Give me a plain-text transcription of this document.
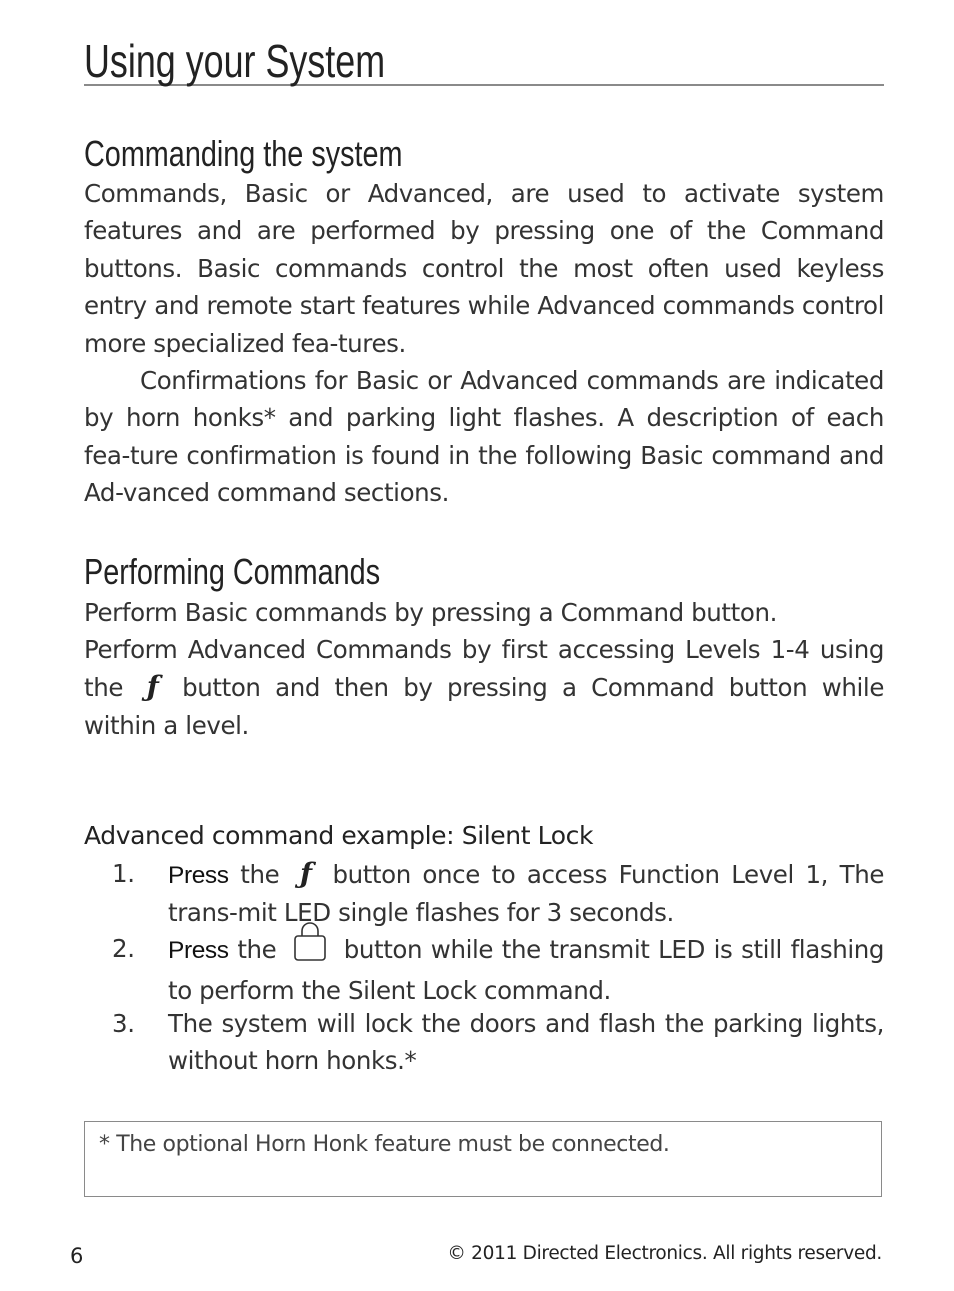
Using your System
Commanding the system
Commands, Basic or Advanced, are used to activate system features and are performed by pressing one of the Command buttons. Basic commands control the most often used keyless entry and remote start features while Advanced commands control more specialized fea-tures.
Confirmations for Basic or Advanced commands are indicated by horn honks* and parking light flashes. A description of each fea-ture confirmation is found in the following Basic command and Ad-vanced command sections.
Performing Commands
Perform Basic commands by pressing a Command button.
Perform Advanced Commands by first accessing Levels 1-4 using the ƒ button and then by pressing a Command button while within a level.
Advanced command example: Silent Lock
1.	Press the ƒ button once to access Function Level 1, The trans-mit LED single flashes for 3 seconds.
2.	Press the	button while the transmit LED is still flashing to perform the Silent Lock command.
3.	The system will lock the doors and flash the parking lights, without horn honks.*
* The optional Horn Honk feature must be connected.
6	© 2011 Directed Electronics. All rights reserved.
